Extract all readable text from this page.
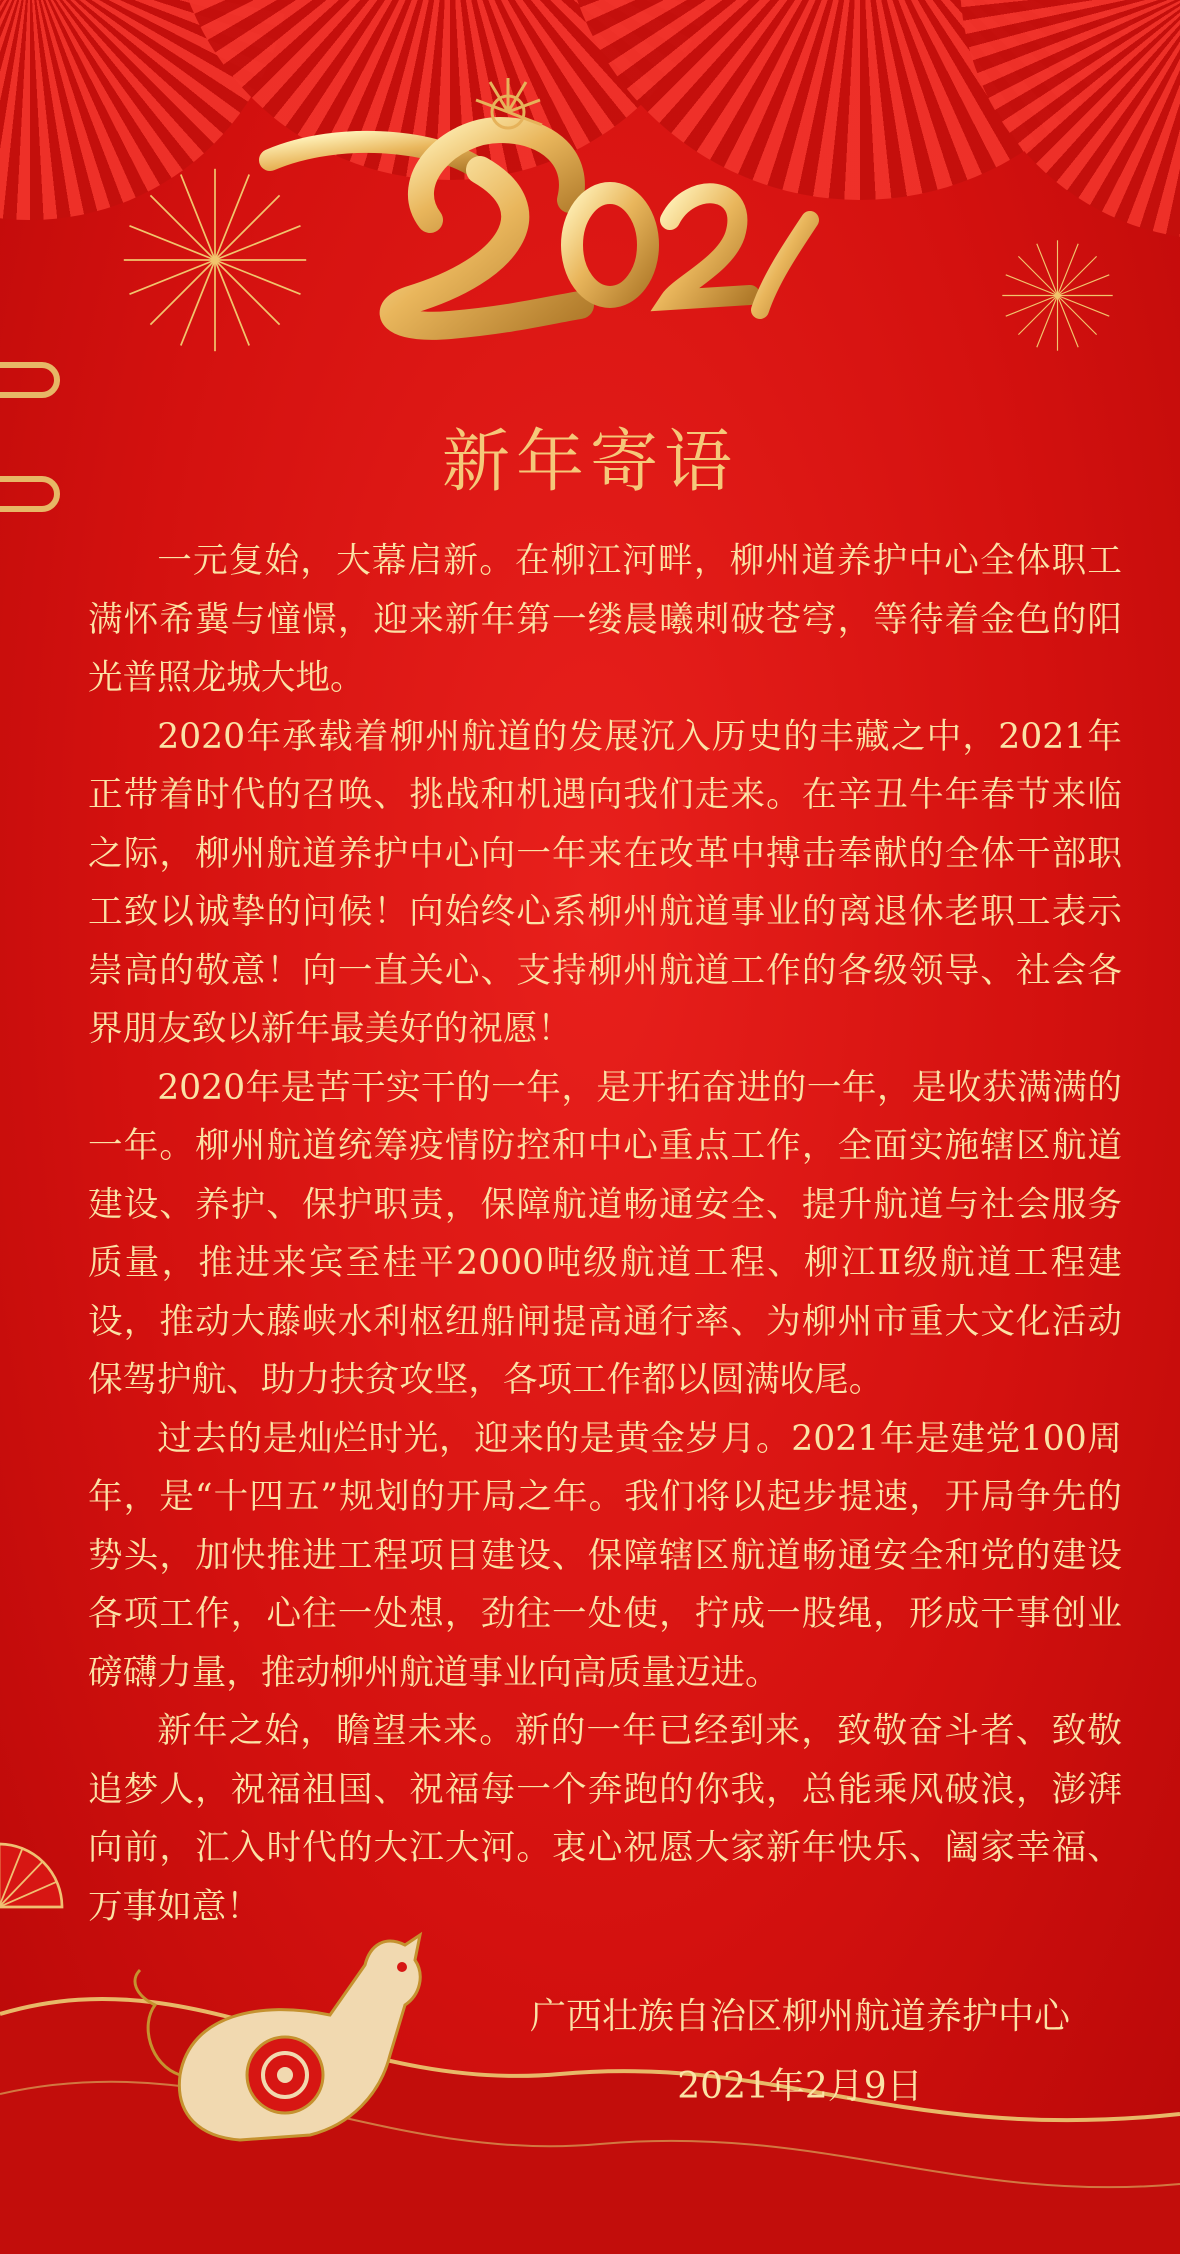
新年寄语

一元复始，大幕启新。在柳江河畔，柳州道养护中心全体职工满怀希冀与憧憬，迎来新年第一缕晨曦刺破苍穹，等待着金色的阳光普照龙城大地。

2020年承载着柳州航道的发展沉入历史的丰藏之中，2021年正带着时代的召唤、挑战和机遇向我们走来。在辛丑牛年春节来临之际，柳州航道养护中心向一年来在改革中搏击奉献的全体干部职工致以诚挚的问候！向始终心系柳州航道事业的离退休老职工表示崇高的敬意！向一直关心、支持柳州航道工作的各级领导、社会各界朋友致以新年最美好的祝愿！

2020年是苦干实干的一年，是开拓奋进的一年，是收获满满的一年。柳州航道统筹疫情防控和中心重点工作，全面实施辖区航道建设、养护、保护职责，保障航道畅通安全、提升航道与社会服务质量，推进来宾至桂平2000吨级航道工程、柳江Ⅱ级航道工程建设，推动大藤峡水利枢纽船闸提高通行率、为柳州市重大文化活动保驾护航、助力扶贫攻坚，各项工作都以圆满收尾。

过去的是灿烂时光，迎来的是黄金岁月。2021年是建党100周年，是“十四五”规划的开局之年。我们将以起步提速，开局争先的势头，加快推进工程项目建设、保障辖区航道畅通安全和党的建设各项工作，心往一处想，劲往一处使，拧成一股绳，形成干事创业磅礴力量，推动柳州航道事业向高质量迈进。

新年之始，瞻望未来。新的一年已经到来，致敬奋斗者、致敬追梦人，祝福祖国、祝福每一个奔跑的你我，总能乘风破浪，澎湃向前，汇入时代的大江大河。衷心祝愿大家新年快乐、阖家幸福、万事如意！

广西壮族自治区柳州航道养护中心
2021年2月9日
